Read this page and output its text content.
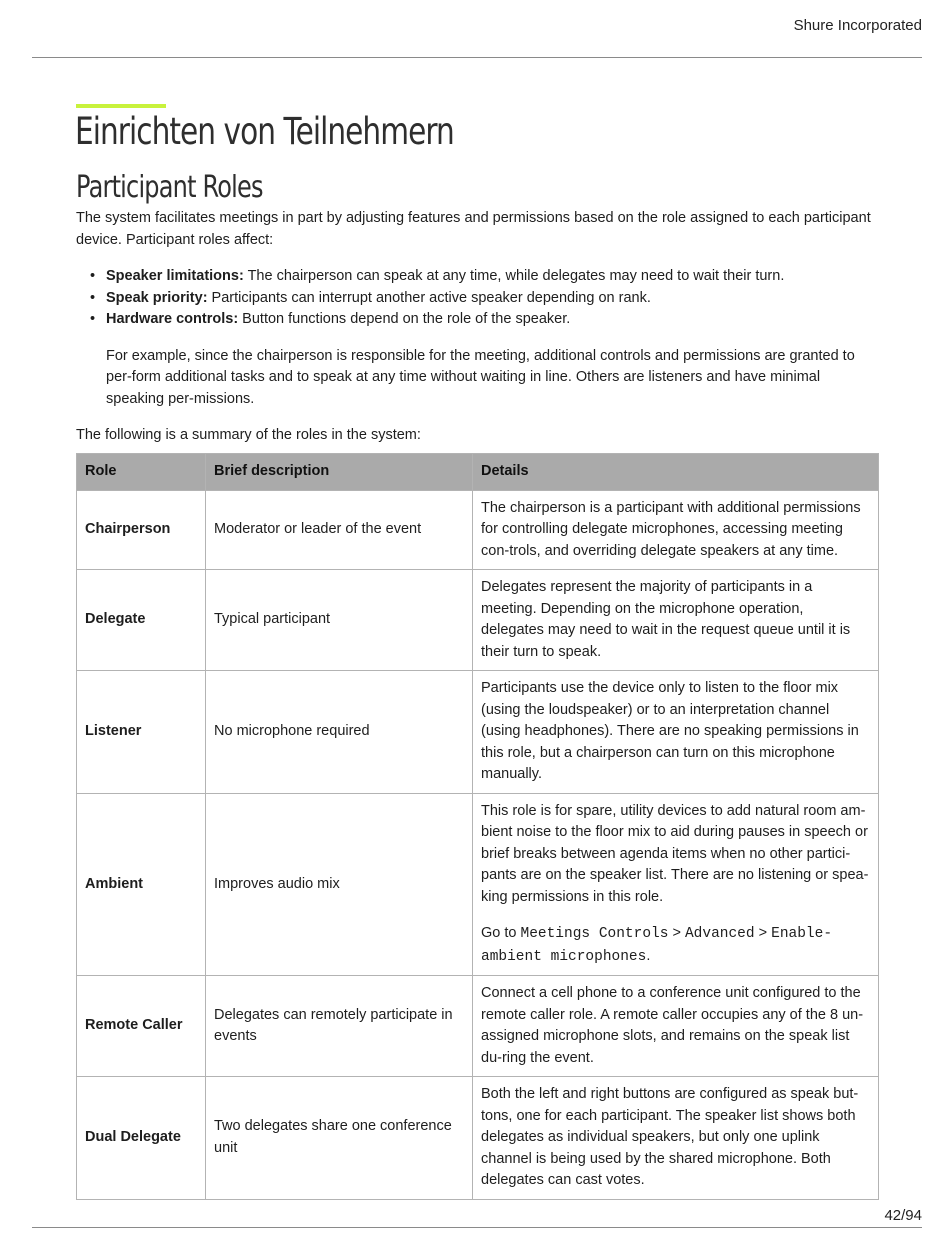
Shure Incorporated
Einrichten von Teilnehmern
Participant Roles

The system facilitates meetings in part by adjusting features and permissions based on the role assigned to each participant device. Participant roles affect:

• Speaker limitations: The chairperson can speak at any time, while delegates may need to wait their turn.
• Speak priority: Participants can interrupt another active speaker depending on rank.
• Hardware controls: Button functions depend on the role of the speaker.

For example, since the chairperson is responsible for the meeting, additional controls and permissions are granted to per-form additional tasks and to speak at any time without waiting in line. Others are listeners and have minimal speaking per-missions.

The following is a summary of the roles in the system:

Role	Brief description	Details
Chairperson	Moderator or leader of the event	The chairperson is a participant with additional permissions for controlling delegate microphones, accessing meeting con-trols, and overriding delegate speakers at any time.

Delegate	Typical participant	Delegates represent the majority of participants in a meeting. Depending on the microphone operation, delegates may need to wait in the request queue until it is their turn to speak.

Listener	No microphone required	Participants use the device only to listen to the floor mix (using the loudspeaker) or to an interpretation channel (using headphones). There are no speaking permissions in this role, but a chairperson can turn on this microphone manually.

Ambient	Improves audio mix	This role is for spare, utility devices to add natural room am-bient noise to the floor mix to aid during pauses in speech or brief breaks between agenda items when no other partici-pants are on the speaker list. There are no listening or spea-king permissions in this role.

Go to Meetings Controls > Advanced > Enable-ambient microphones.

Remote Caller	Delegates can remotely participate in events	Connect a cell phone to a conference unit configured to the remote caller role. A remote caller occupies any of the 8 un-assigned microphone slots, and remains on the speak list du-ring the event.

Dual Delegate	Two delegates share one conference unit	Both the left and right buttons are configured as speak but-tons, one for each participant. The speaker list shows both delegates as individual speakers, but only one uplink channel is being used by the shared microphone. Both delegates can cast votes.

42/94
